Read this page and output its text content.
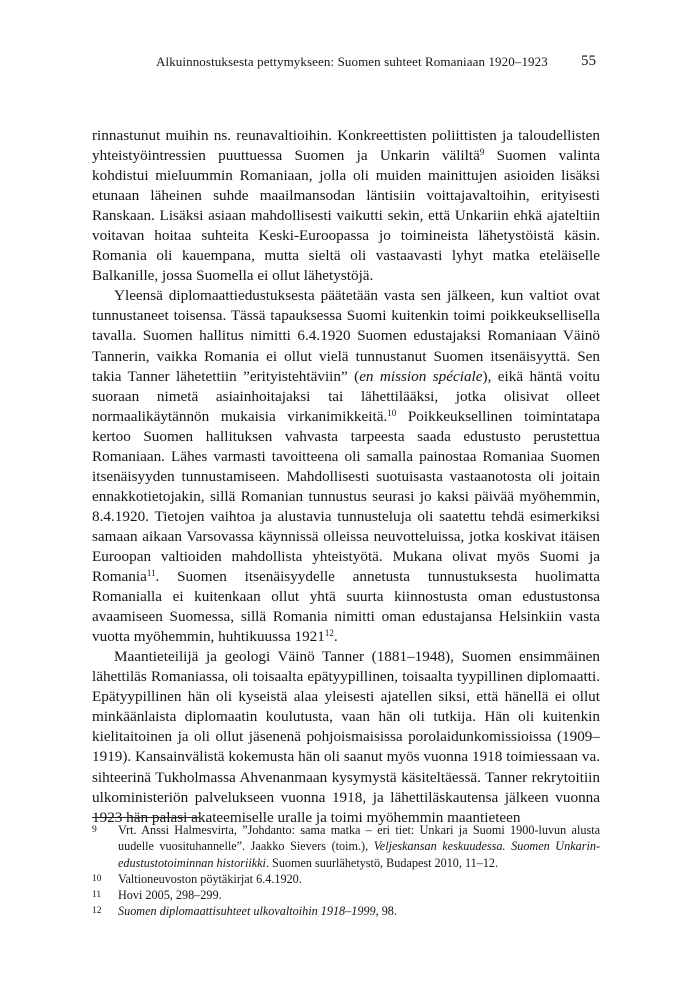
Alkuinnostuksesta pettymykseen: Suomen suhteet Romaniaan 1920–1923 55

rinnastunut muihin ns. reunavaltioihin. Konkreettisten poliittisten ja taloudellisten yhteistyöintressien puuttuessa Suomen ja Unkarin väliltä$^9$ Suomen valinta kohdistui mieluummin Romaniaan, jolla oli muiden mainittujen asioiden lisäksi etunaan läheinen suhde maailmansodan läntisiin voittajavaltoihin, erityisesti Ranskaan. Lisäksi asiaan mahdollisesti vaikutti sekin, että Unkariin ehkä ajateltiin voitavan hoitaa suhteita Keski-Euroopassa jo toimineista lähetystöistä käsin. Romania oli kauempana, mutta sieltä oli vastaavasti lyhyt matka eteläiselle Balkanille, jossa Suomella ei ollut lähetystöjä.

Yleensä diplomaattiedustuksesta päätetään vasta sen jälkeen, kun valtiot ovat tunnustaneet toisensa. Tässä tapauksessa Suomi kuitenkin toimi poikkeuksellisella tavalla. Suomen hallitus nimitti 6.4.1920 Suomen edustajaksi Romaniaan Väinö Tannerin, vaikka Romania ei ollut vielä tunnustanut Suomen itsenäisyyttä. Sen takia Tanner lähetettiin ”erityistehtäviin” (en mission spéciale), eikä häntä voitu suoraan nimetä asiainhoitajaksi tai lähettilääksi, jotka olisivat olleet normaalikäytännön mukaisia virkanimikkeitä.$^{10}$ Poikkeuksellinen toimintatapa kertoo Suomen hallituksen vahvasta tarpeesta saada edustusto perustettua Romaniaan. Lähes varmasti tavoitteena oli samalla painostaa Romaniaa Suomen itsenäisyyden tunnustamiseen. Mahdollisesti suotuisasta vastaanotosta oli joitain ennakkotietojakin, sillä Romanian tunnustus seurasi jo kaksi päivää myöhemmin, 8.4.1920. Tietojen vaihtoa ja alustavia tunnusteluja oli saatettu tehdä esimerkiksi samaan aikaan Varsovassa käynnissä olleissa neuvotteluissa, jotka koskivat itäisen Euroopan valtioiden mahdollista yhteistyötä. Mukana olivat myös Suomi ja Romania$^{11}$. Suomen itsenäisyydelle annetusta tunnustuksesta huolimatta Romanialla ei kuitenkaan ollut yhtä suurta kiinnostusta oman edustustonsa avaamiseen Suomessa, sillä Romania nimitti oman edustajansa Helsinkiin vasta vuotta myöhemmin, huhtikuussa 1921$^{12}$.

Maantieteilijä ja geologi Väinö Tanner (1881–1948), Suomen ensimmäinen lähettiläs Romaniassa, oli toisaalta epätyypillinen, toisaalta tyypillinen diplomaatti. Epätyypillinen hän oli kyseistä alaa yleisesti ajatellen siksi, että hänellä ei ollut minkäänlaista diplomaatin koulutusta, vaan hän oli tutkija. Hän oli kuitenkin kielitaitoinen ja oli ollut jäsenenä pohjoismaisissa porolaidunkomissioissa (1909–1919). Kansainvälistä kokemusta hän oli saanut myös vuonna 1918 toimiessaan va. sihteerinä Tukholmassa Ahvenanmaan kysymystä käsiteltäessä. Tanner rekrytoitiin ulkoministeriön palvelukseen vuonna 1918, ja lähettiläskautensa jälkeen vuonna 1923 hän palasi akateemiselle uralle ja toimi myöhemmin maantieteen

9 Vrt. Anssi Halmesvirta, ”Johdanto: sama matka – eri tiet: Unkari ja Suomi 1900-luvun alusta uudelle vuosituhannelle”. Jaakko Sievers (toim.), Veljeskansan keskuudessa. Suomen Unkarinedustustotoiminnan historiikki. Suomen suurlähetystö, Budapest 2010, 11–12.
10 Valtioneuvoston pöytäkirjat 6.4.1920.
11 Hovi 2005, 298–299.
12 Suomen diplomaattisuhteet ulkovaltoihin 1918–1999, 98.
